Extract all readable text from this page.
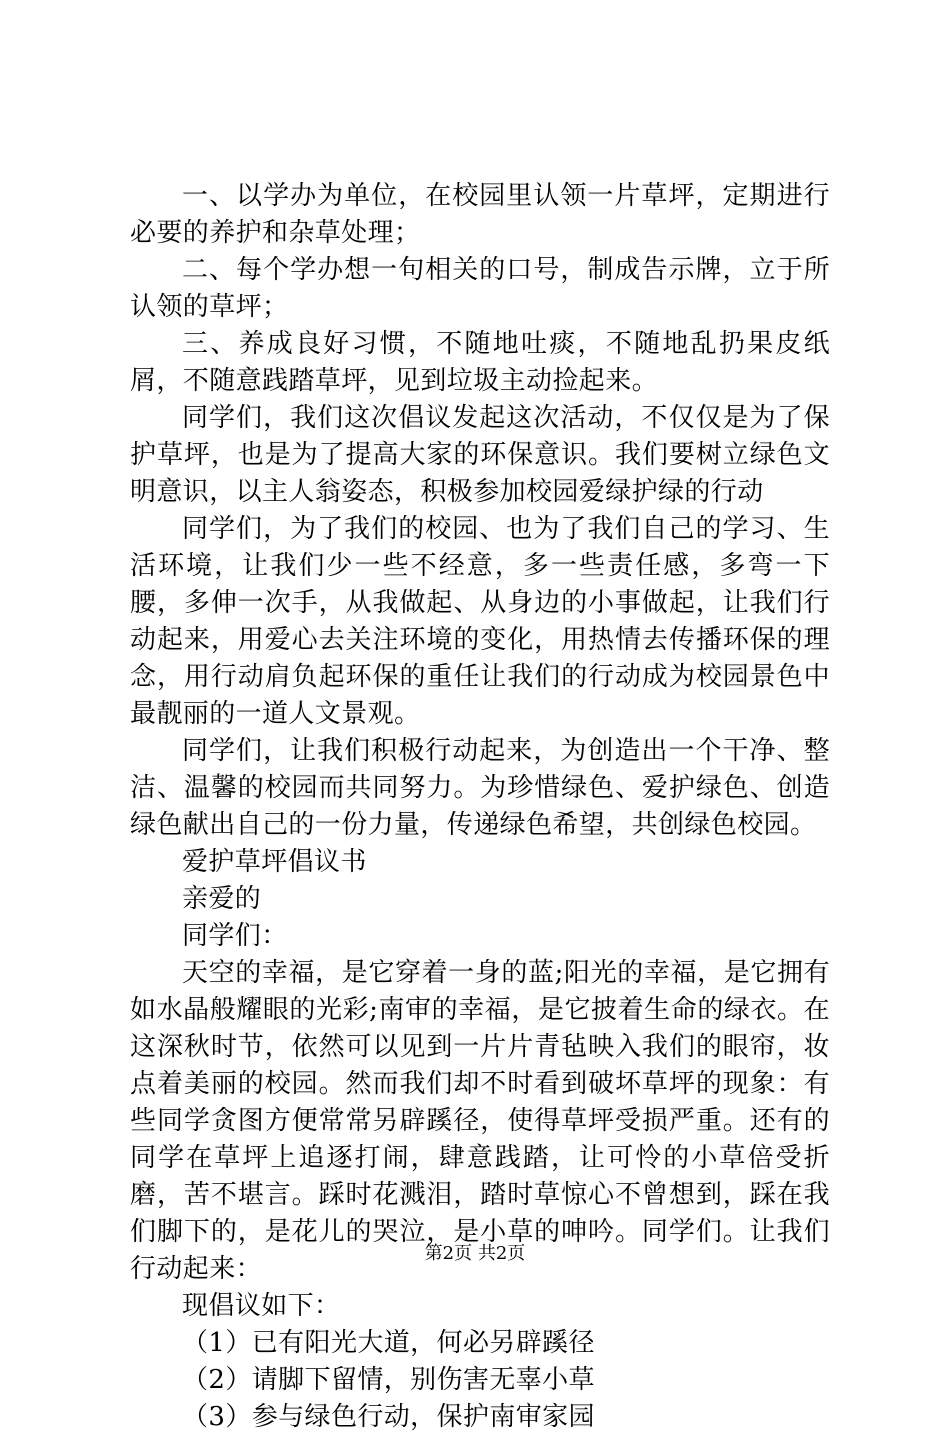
一、以学办为单位，在校园里认领一片草坪，定期进行必要的养护和杂草处理；

二、每个学办想一句相关的口号，制成告示牌，立于所认领的草坪；

三、养成良好习惯，不随地吐痰，不随地乱扔果皮纸屑，不随意践踏草坪，见到垃圾主动捡起来。

同学们，我们这次倡议发起这次活动，不仅仅是为了保护草坪，也是为了提高大家的环保意识。我们要树立绿色文明意识，以主人翁姿态，积极参加校园爱绿护绿的行动

同学们，为了我们的校园、也为了我们自己的学习、生活环境，让我们少一些不经意，多一些责任感，多弯一下腰，多伸一次手，从我做起、从身边的小事做起，让我们行动起来，用爱心去关注环境的变化，用热情去传播环保的理念，用行动肩负起环保的重任让我们的行动成为校园景色中最靓丽的一道人文景观。

同学们，让我们积极行动起来，为创造出一个干净、整洁、温馨的校园而共同努力。为珍惜绿色、爱护绿色、创造绿色献出自己的一份力量，传递绿色希望，共创绿色校园。

爱护草坪倡议书

亲爱的

同学们：

天空的幸福，是它穿着一身的蓝;阳光的幸福，是它拥有如水晶般耀眼的光彩;南审的幸福，是它披着生命的绿衣。在这深秋时节，依然可以见到一片片青毡映入我们的眼帘，妆点着美丽的校园。然而我们却不时看到破坏草坪的现象：有些同学贪图方便常常另辟蹊径，使得草坪受损严重。还有的同学在草坪上追逐打闹，肆意践踏，让可怜的小草倍受折磨，苦不堪言。踩时花溅泪，踏时草惊心不曾想到，踩在我们脚下的，是花儿的哭泣，是小草的呻吟。同学们。让我们行动起来：

现倡议如下：

（1）已有阳光大道，何必另辟蹊径

（2）请脚下留情，别伤害无辜小草

（3）参与绿色行动，保护南审家园

第2页 共2页
